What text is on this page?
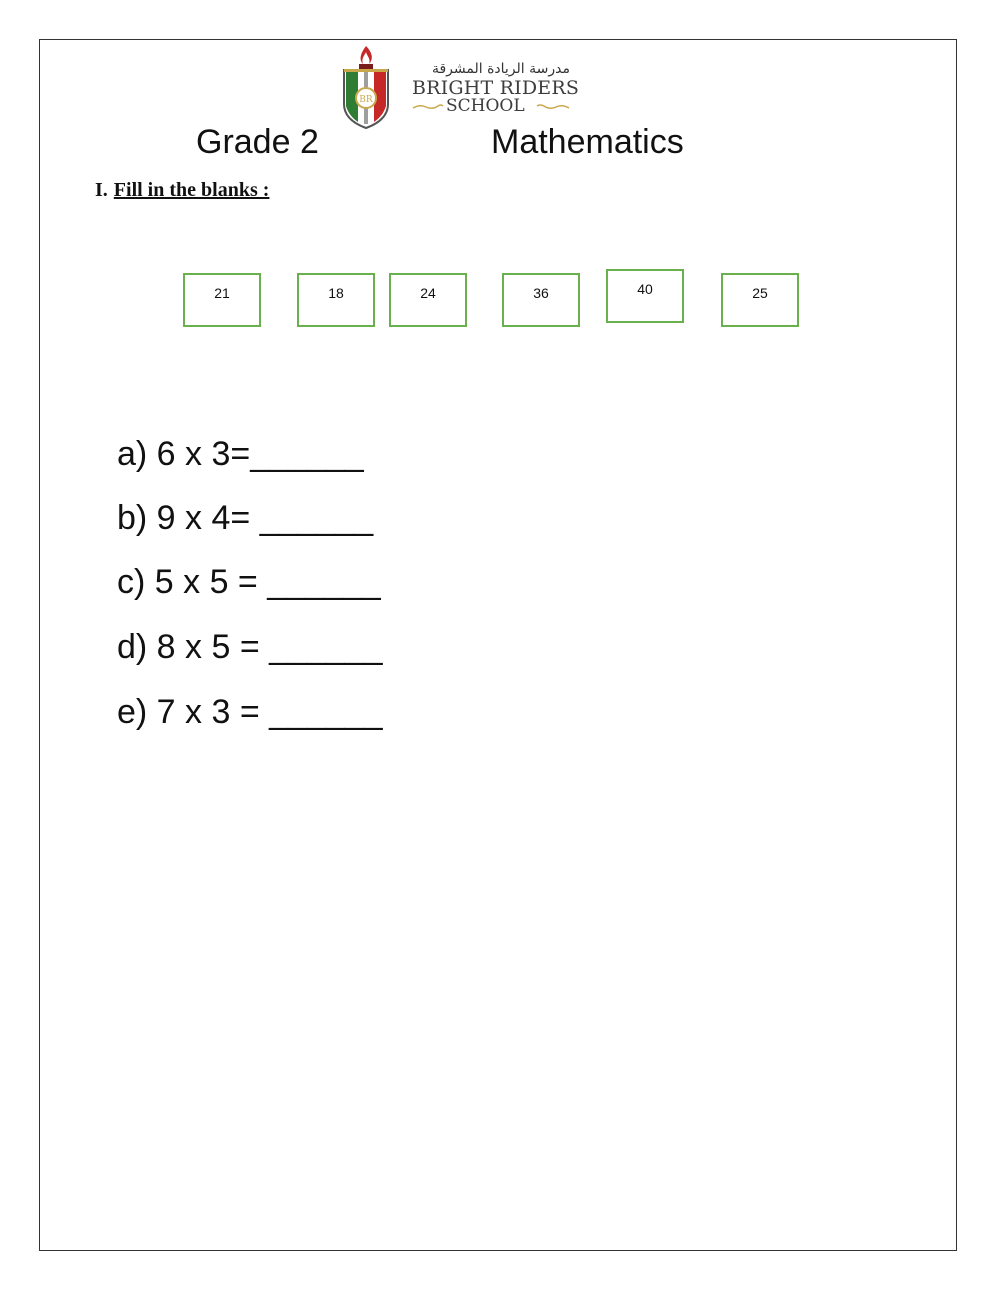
BR
مدرسة الريادة المشرقة
BRIGHT RIDERS
SCHOOL
Grade 2	Mathematics
I. Fill in the blanks :
21	18	24	36	40	25
a) 6 x 3=______
b) 9 x 4= ______
c) 5 x 5 = ______
d) 8 x 5 = ______
e) 7 x 3 = ______
